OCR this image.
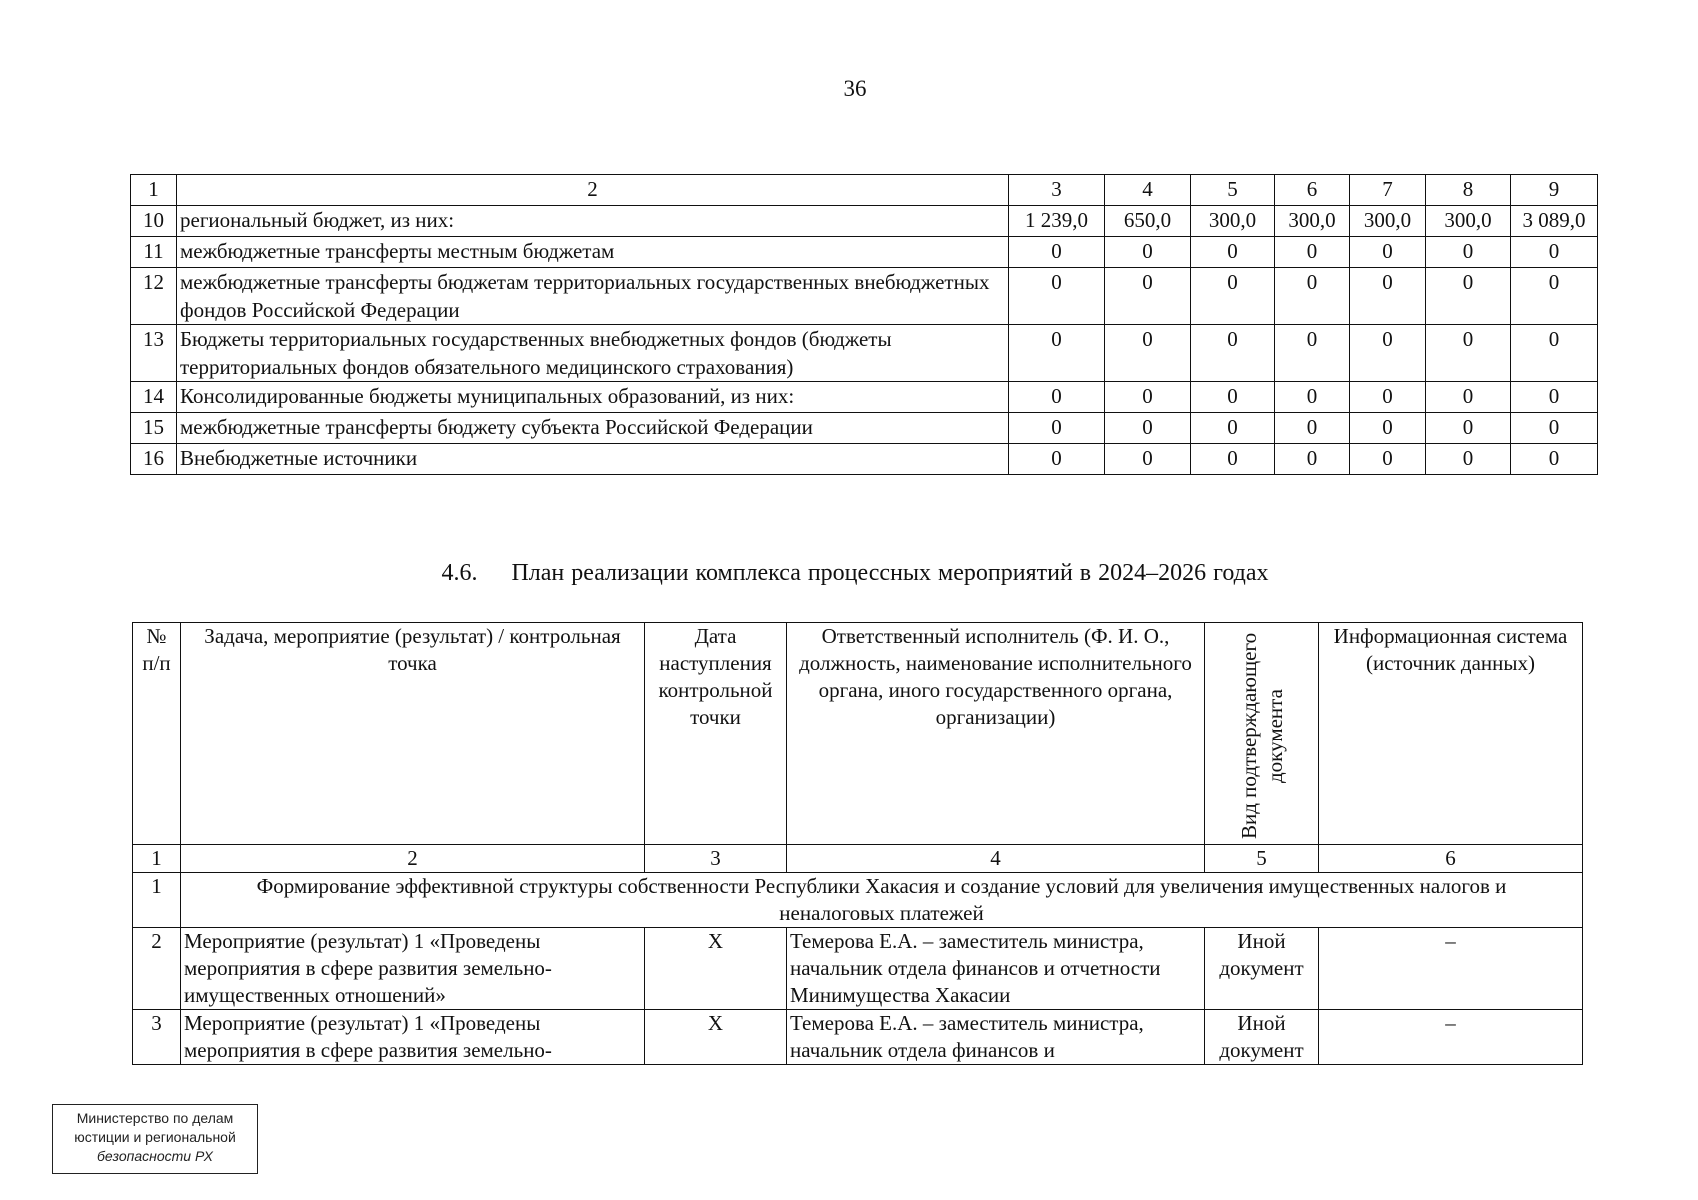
36
1	2	3	4	5	6	7	8	9
10	региональный бюджет, из них:	1 239,0	650,0	300,0	300,0	300,0	300,0	3 089,0
11	межбюджетные трансферты местным бюджетам	0	0	0	0	0	0	0
12	межбюджетные трансферты бюджетам территориальных государственных внебюджетных фондов Российской Федерации	0	0	0	0	0	0	0
13	Бюджеты территориальных государственных внебюджетных фондов (бюджеты территориальных фондов обязательного медицинского страхования)	0	0	0	0	0	0	0
14	Консолидированные бюджеты муниципальных образований, из них:	0	0	0	0	0	0	0
15	межбюджетные трансферты бюджету субъекта Российской Федерации	0	0	0	0	0	0	0
16	Внебюджетные источники	0	0	0	0	0	0	0
4.6. План реализации комплекса процессных мероприятий в 2024–2026 годах
№ п/п	Задача, мероприятие (результат) / контрольная точка	Дата наступления контрольной точки	Ответственный исполнитель (Ф. И. О., должность, наименование исполнительного органа, иного государственного органа, организации)	Вид подтверждающего документа	Информационная система (источник данных)
1	2	3	4	5	6
1	Формирование эффективной структуры собственности Республики Хакасия и создание условий для увеличения имущественных налогов и неналоговых платежей				
2	Мероприятие (результат) 1 «Проведены мероприятия в сфере развития земельно-имущественных отношений»	X	Темерова Е.А. – заместитель министра, начальник отдела финансов и отчетности Минимущества Хакасии	Иной документ	–
3	Мероприятие (результат) 1 «Проведены мероприятия в сфере развития земельно-	X	Темерова Е.А. – заместитель министра, начальник отдела финансов и	Иной документ	–
Министерство по делам
юстиции и региональной
безопасности РХ
